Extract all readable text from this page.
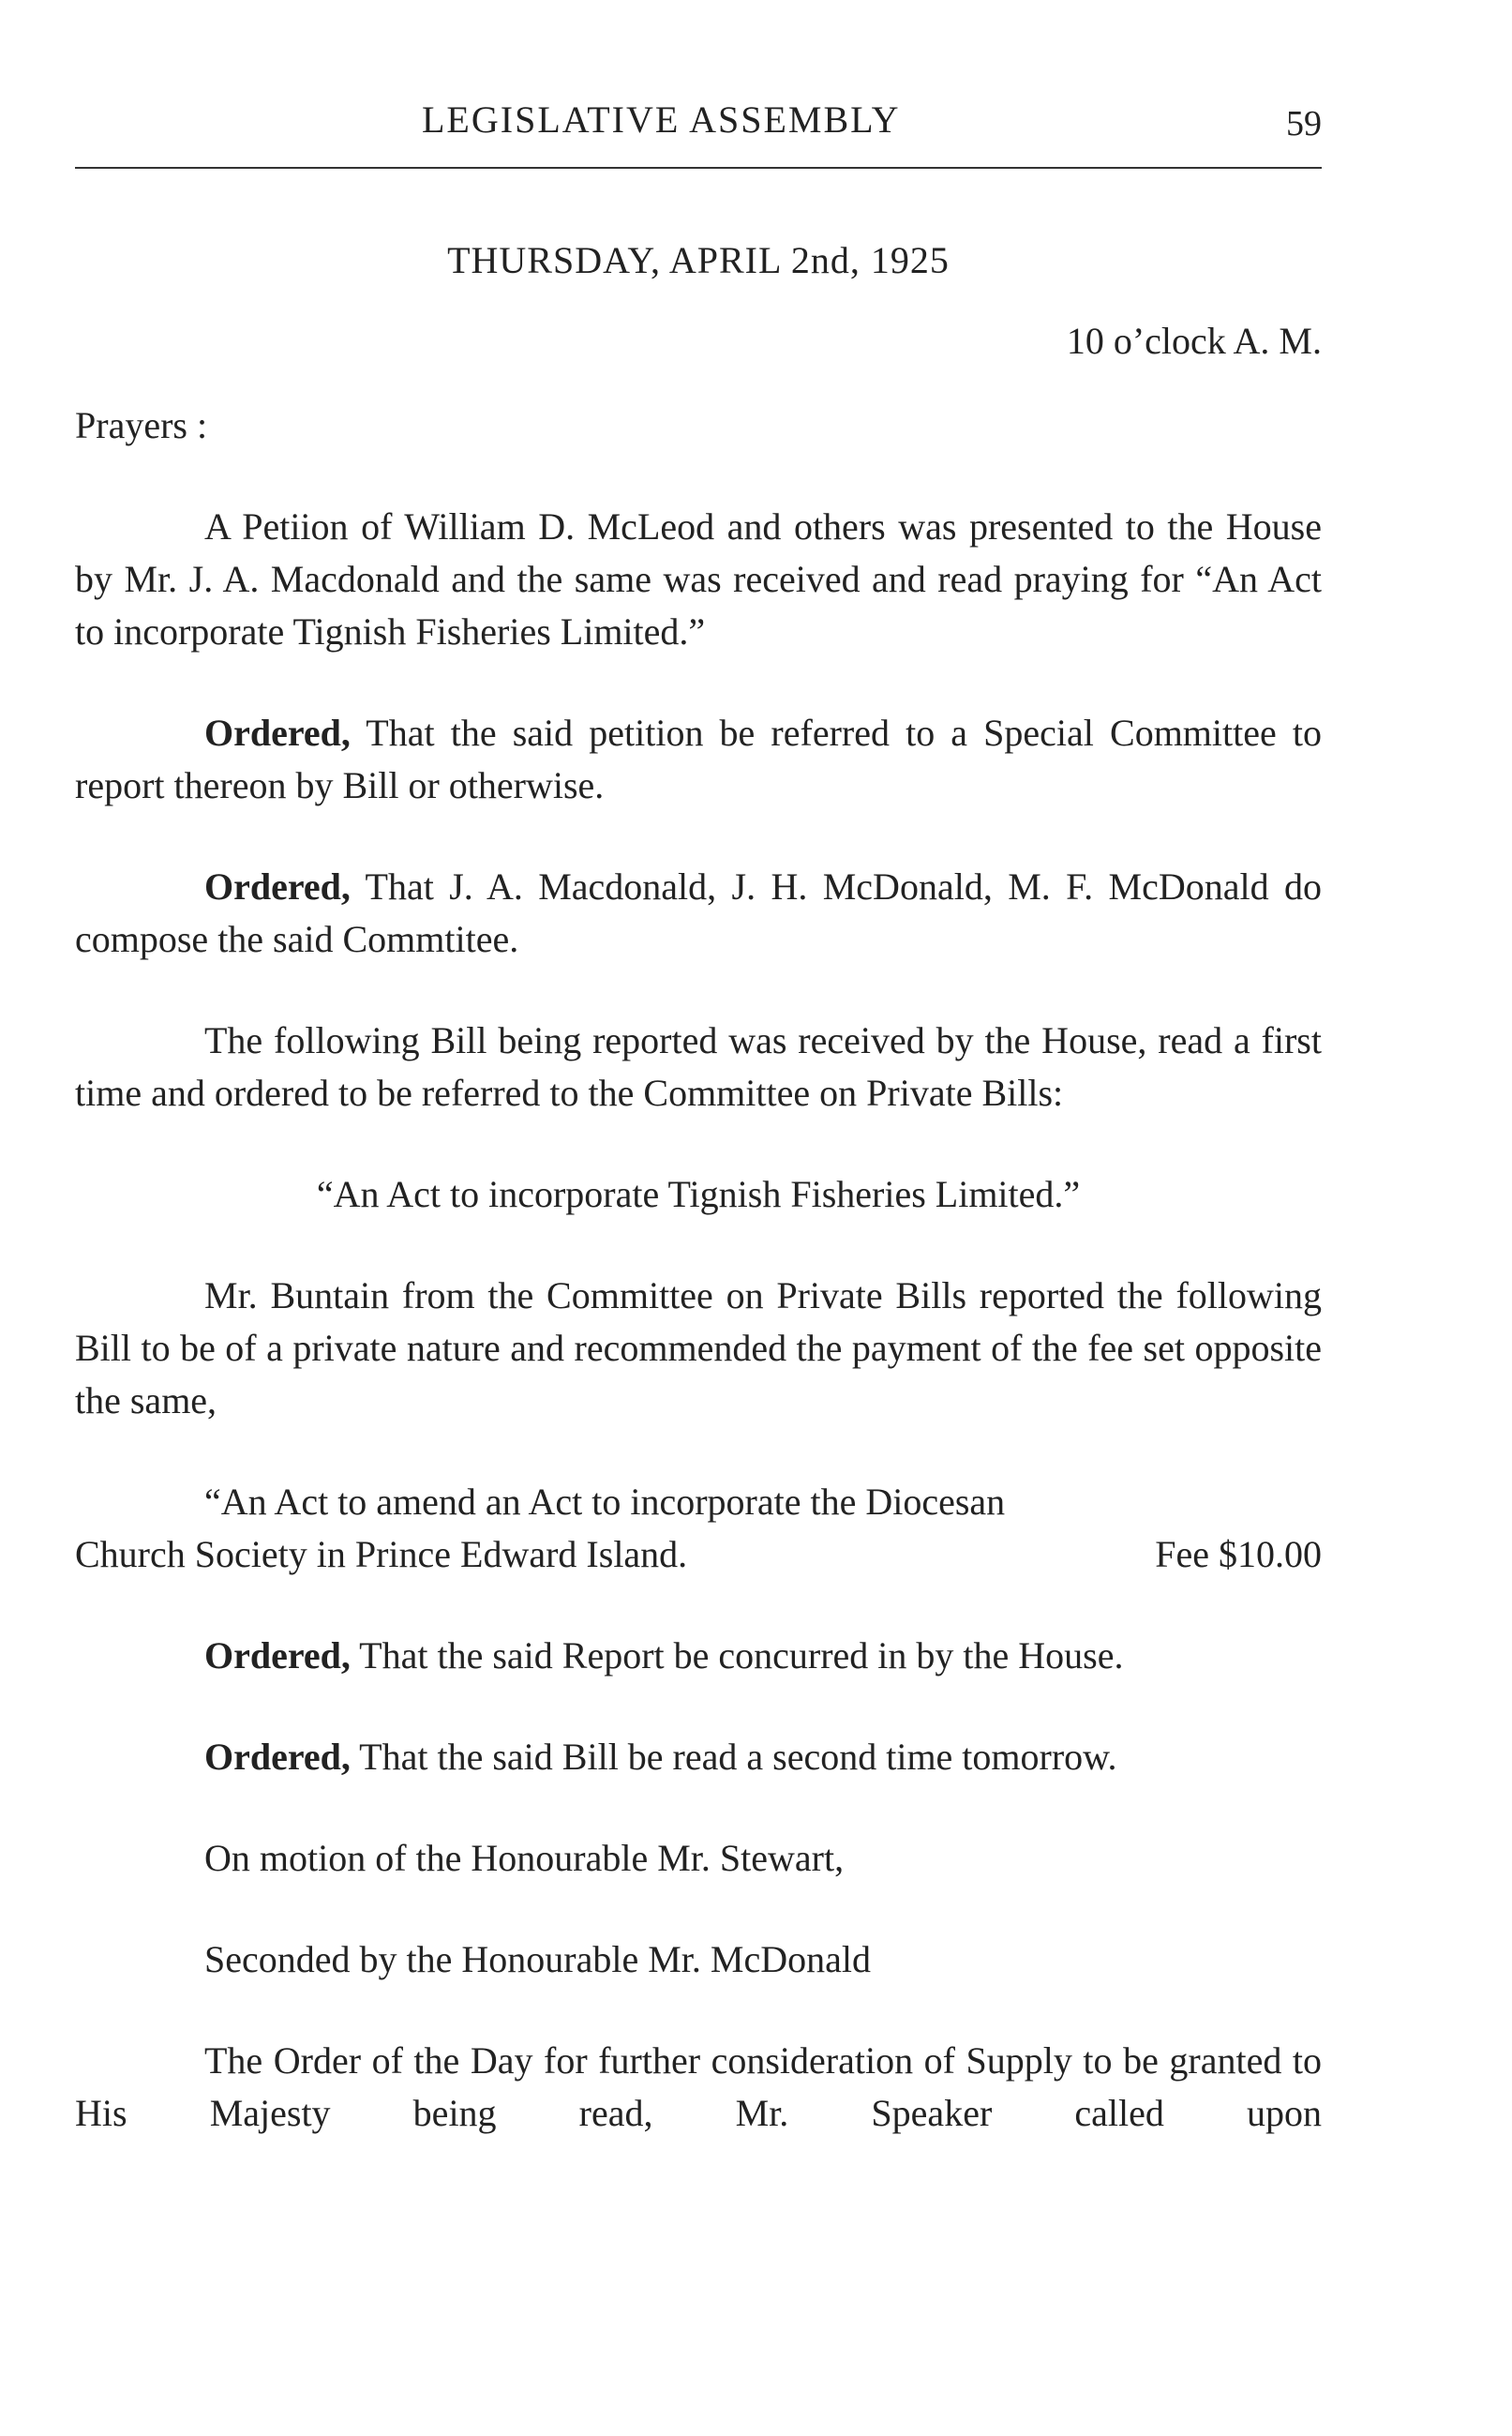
LEGISLATIVE ASSEMBLY	59
THURSDAY, APRIL 2nd, 1925
10 o’clock A. M.

Prayers :

A Petiion of William D. McLeod and others was presented to the House by Mr. J. A. Macdonald and the same was received and read praying for “An Act to incorporate Tignish Fisheries Limited.”

Ordered, That the said petition be referred to a Special Committee to report thereon by Bill or otherwise.

Ordered, That J. A. Macdonald, J. H. McDonald, M. F. McDonald do compose the said Commtitee.

The following Bill being reported was received by the House, read a first time and ordered to be referred to the Committee on Private Bills:

“An Act to incorporate Tignish Fisheries Limited.”

Mr. Buntain from the Committee on Private Bills reported the following Bill to be of a private nature and recommended the payment of the fee set opposite the same,

“An Act to amend an Act to incorporate the Diocesan

Church Society in Prince Edward Island.	Fee $10.00

Ordered, That the said Report be concurred in by the House.

Ordered, That the said Bill be read a second time tomorrow.

On motion of the Honourable Mr. Stewart,

Seconded by the Honourable Mr. McDonald

The Order of the Day for further consideration of Supply to be granted to His Majesty being read, Mr. Speaker called upon
